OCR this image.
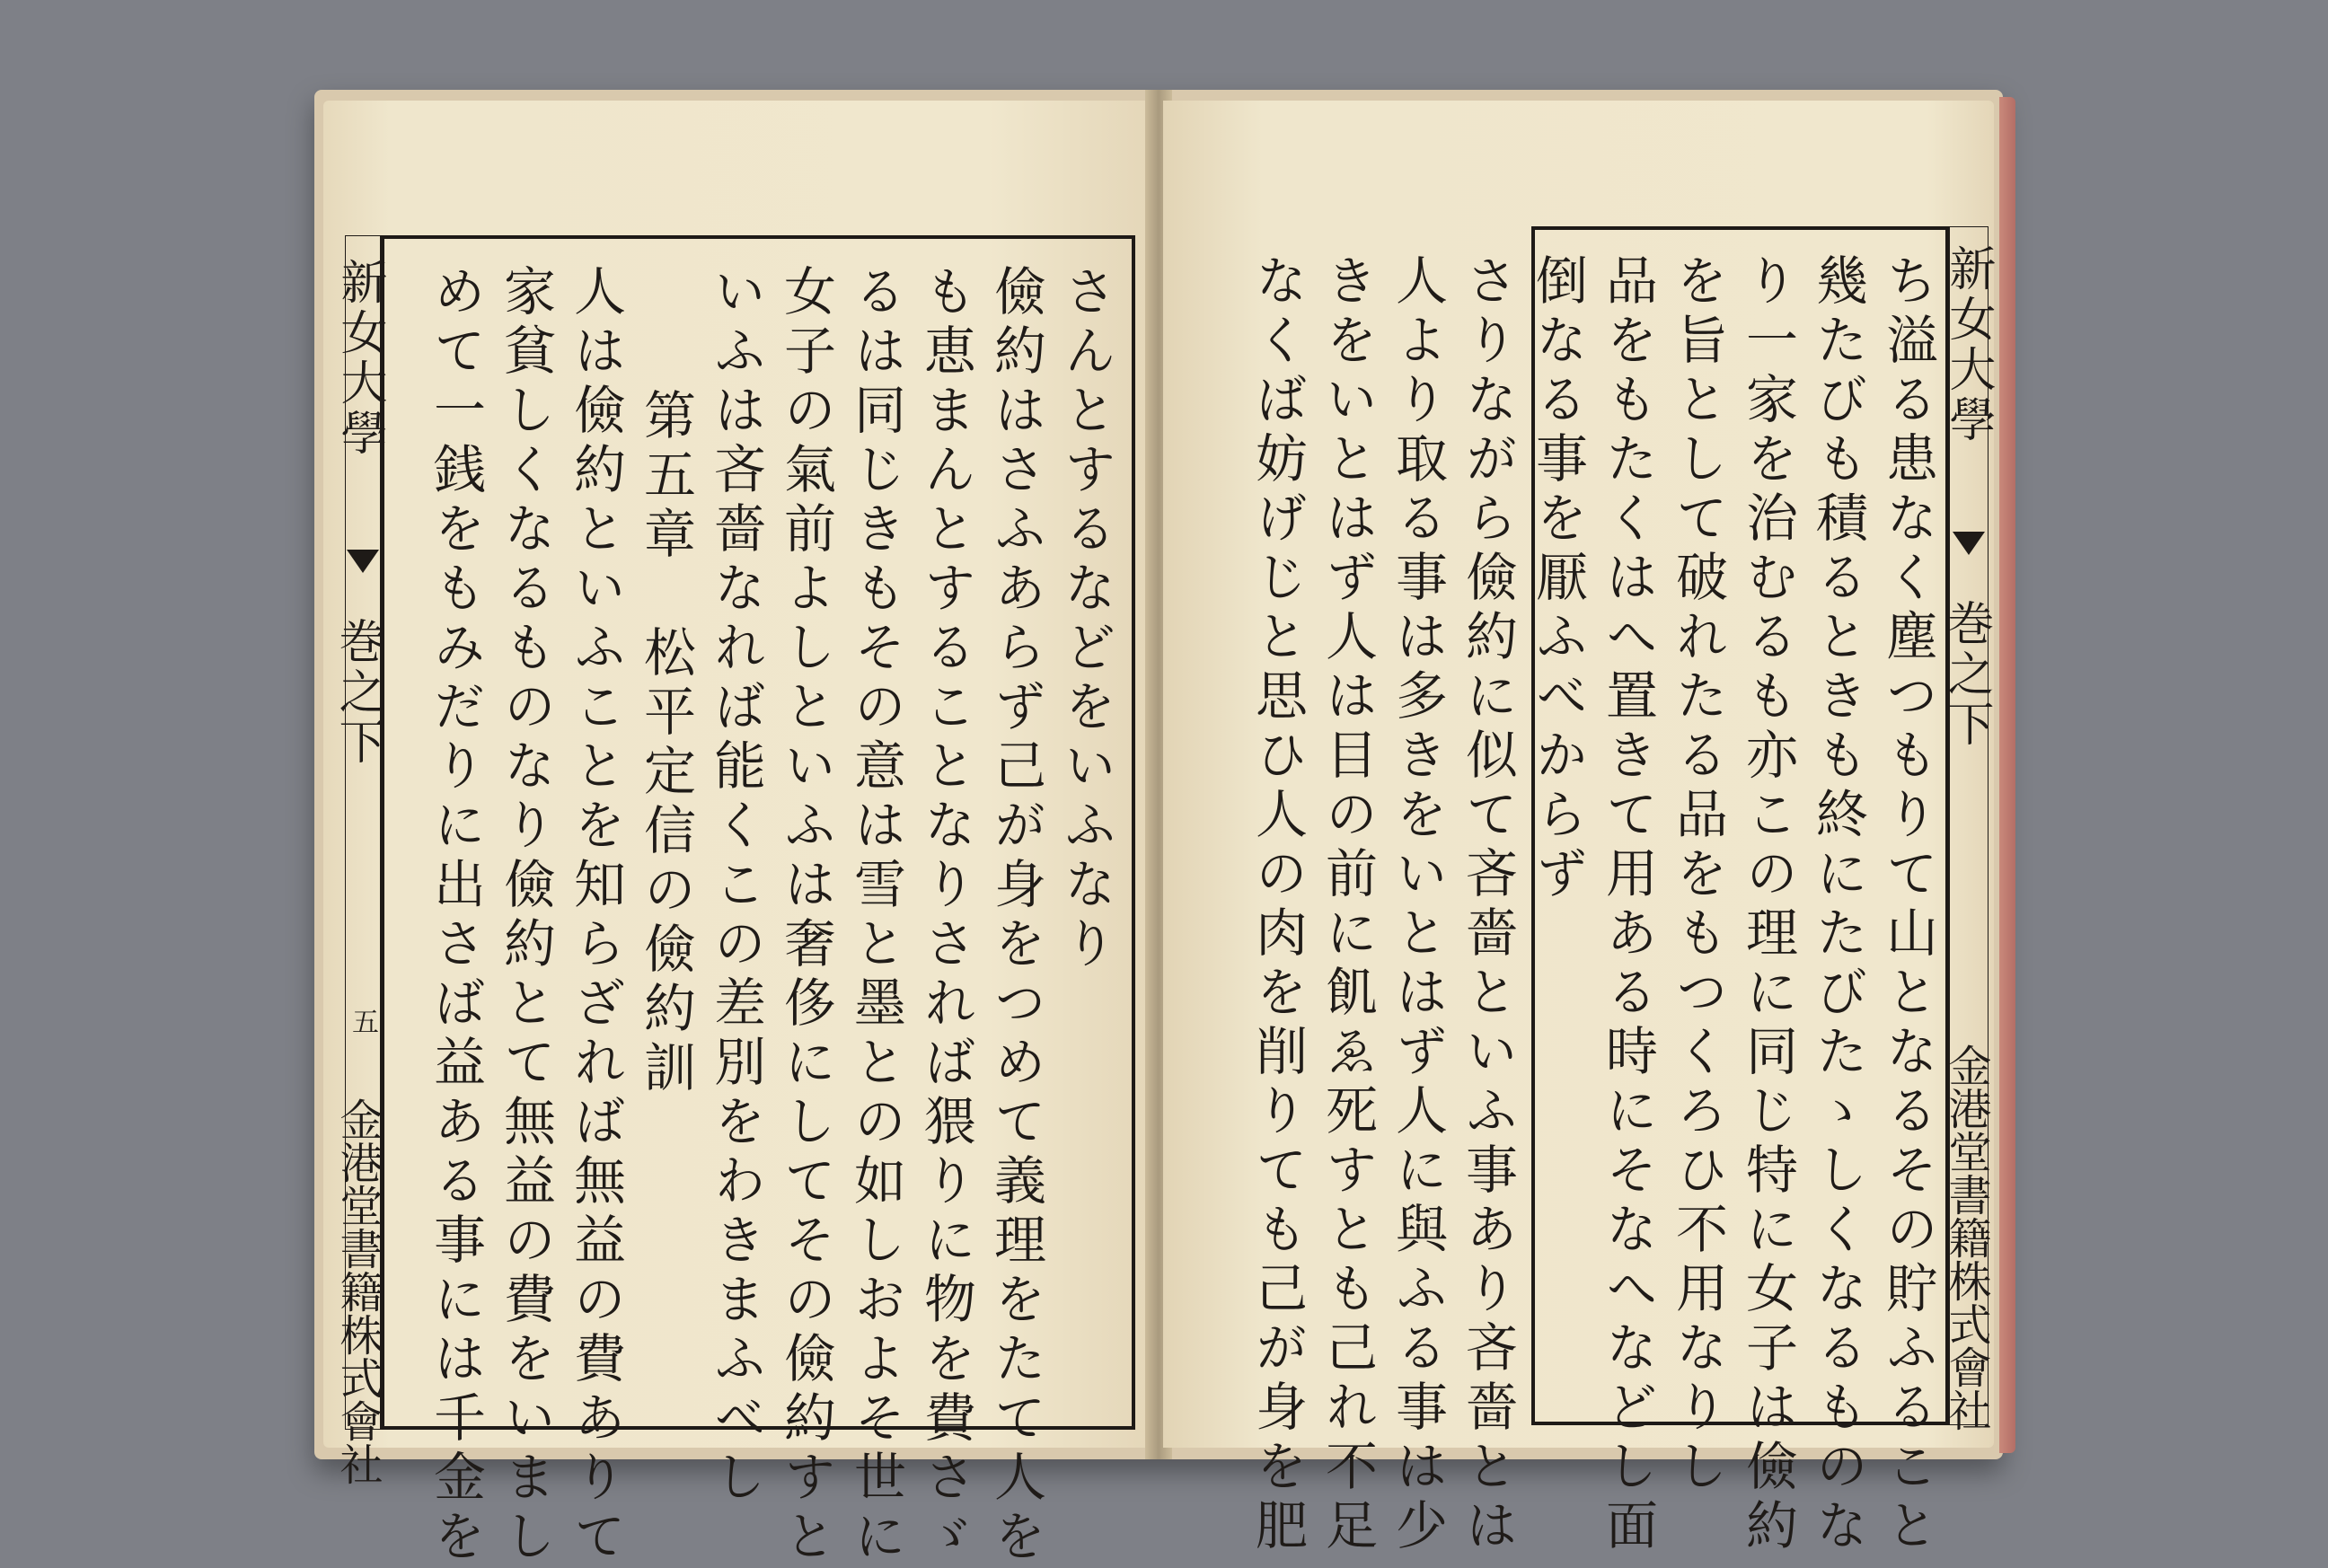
新女大學
巻之下
五
金港堂書籍株式會社
さんとするなどをいふなり
儉約はさふあらず己が身をつめて義理をたて人を
も恵まんとすることなりされば猥りに物を費さゞ
るは同じきもその意は雪と墨との如しおよそ世に
女子の氣前よしといふは奢侈にしてその儉約すと
いふは吝嗇なれば能くこの差別をわきまふべし
第五章　松平定信の儉約訓
人は儉約といふことを知らざれば無益の費ありて
家貧しくなるものなり儉約とて無益の費をいまし
めて一銭をもみだりに出さば益ある事には千金を	新女大學
巻之下
金港堂書籍株式會社
ち溢る患なく塵つもりて山となるその貯ふること
幾たびも積るときも終にたびたゝしくなるものな
り一家を治むるも亦この理に同じ特に女子は儉約
を旨として破れたる品をもつくろひ不用なりし
品をもたくはへ置きて用ある時にそなへなどし面
倒なる事を厭ふべからず
さりながら儉約に似て吝嗇といふ事あり吝嗇とは
人より取る事は多きをいとはず人に與ふる事は少
きをいとはず人は目の前に飢ゑ死すとも己れ不足
なくば妨げじと思ひ人の肉を削りても己が身を肥
